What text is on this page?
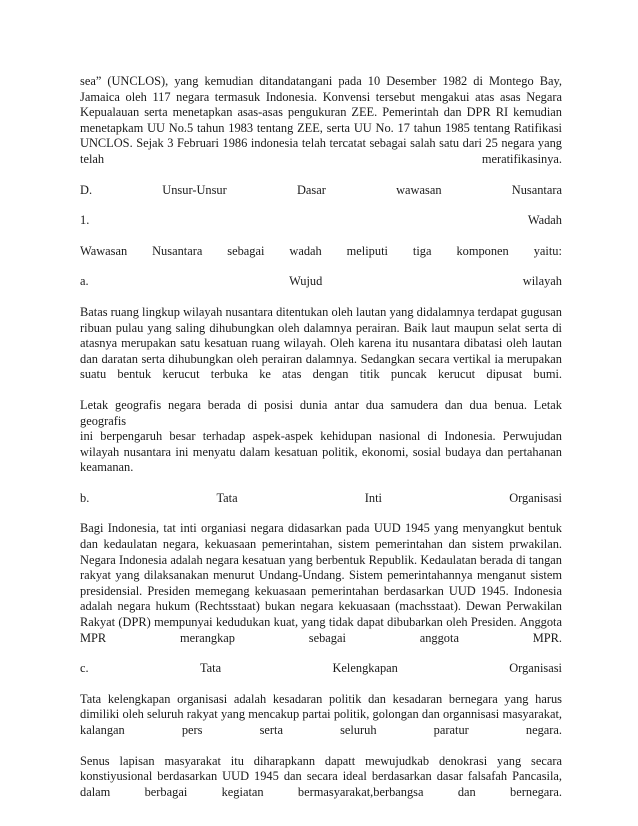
sea” (UNCLOS), yang kemudian ditandatangani pada 10 Desember 1982 di Montego Bay,
Jamaica oleh 117 negara termasuk Indonesia. Konvensi tersebut mengakui atas asas Negara
Kepualauan serta menetapkan asas-asas pengukuran ZEE. Pemerintah dan DPR RI kemudian
menetapkam UU No.5 tahun 1983 tentang ZEE, serta UU No. 17 tahun 1985 tentang Ratifikasi
UNCLOS. Sejak 3 Februari 1986 indonesia telah tercatat sebagai salah satu dari 25 negara yang
telah meratifikasinya.
D.	Unsur-Unsur	Dasar	wawasan	Nusantara
1.	Wadah
Wawasan Nusantara sebagai wadah meliputi tiga komponen yaitu:
a.	Wujud	wilayah
Batas ruang lingkup wilayah nusantara ditentukan oleh lautan yang didalamnya terdapat gugusan
ribuan pulau yang saling dihubungkan oleh dalamnya perairan. Baik laut maupun selat serta di
atasnya merupakan satu kesatuan ruang wilayah. Oleh karena itu nusantara dibatasi oleh lautan
dan daratan serta dihubungkan oleh perairan dalamnya. Sedangkan secara vertikal ia merupakan
suatu bentuk kerucut terbuka ke atas dengan titik puncak kerucut dipusat bumi.
Letak geografis negara berada di posisi dunia antar dua samudera dan dua benua. Letak geografis
ini berpengaruh besar terhadap aspek-aspek kehidupan nasional di Indonesia. Perwujudan
wilayah nusantara ini menyatu dalam kesatuan politik, ekonomi, sosial budaya dan pertahanan
keamanan.
b.	Tata	Inti	Organisasi
Bagi Indonesia, tat inti organiasi negara didasarkan pada UUD 1945 yang menyangkut bentuk
dan kedaulatan negara, kekuasaan pemerintahan, sistem pemerintahan dan sistem prwakilan.
Negara Indonesia adalah negara kesatuan yang berbentuk Republik. Kedaulatan berada di tangan
rakyat yang dilaksanakan menurut Undang-Undang. Sistem pemerintahannya menganut sistem
presidensial. Presiden memegang kekuasaan pemerintahan berdasarkan UUD 1945. Indonesia
adalah negara hukum (Rechtsstaat) bukan negara kekuasaan (machsstaat). Dewan Perwakilan
Rakyat (DPR) mempunyai kedudukan kuat, yang tidak dapat dibubarkan oleh Presiden. Anggota
MPR merangkap sebagai anggota MPR.
c.	Tata	Kelengkapan	Organisasi
Tata kelengkapan organisasi adalah kesadaran politik dan kesadaran bernegara yang harus
dimiliki oleh seluruh rakyat yang mencakup partai politik, golongan dan organnisasi masyarakat,
kalangan pers serta seluruh paratur negara.
Senus lapisan masyarakat itu diharapkann dapatt mewujudkab denokrasi yang secara
konstiyusional berdasarkan UUD 1945 dan secara ideal berdasarkan dasar falsafah Pancasila,
dalam berbagai kegiatan bermasyarakat,berbangsa dan bernegara.
